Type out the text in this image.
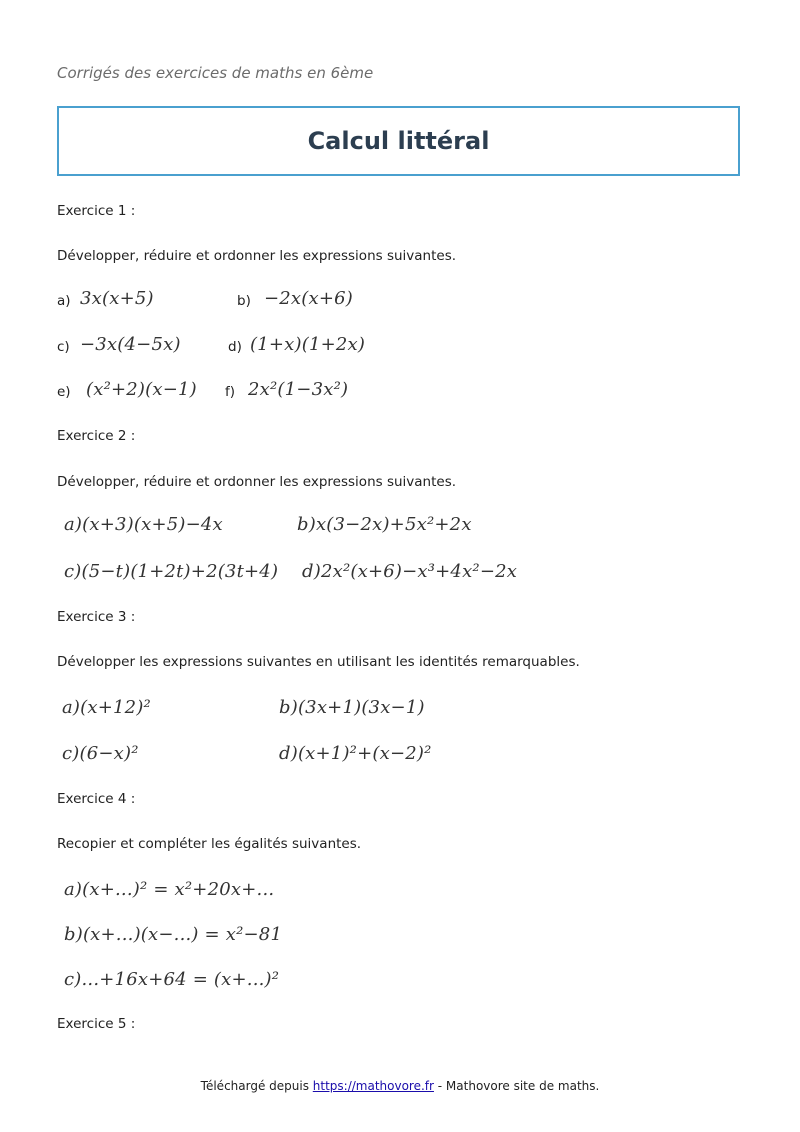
Corrigés des exercices de maths en 6ème
Calcul littéral
Exercice 1 :
Développer, réduire et ordonner les expressions suivantes.
a) 3x(x+5)	b) −2x(x+6)
c) −3x(4−5x)	d) (1+x)(1+2x)
e) (x²+2)(x−1) f) 2x²(1−3x²)
Exercice 2 :
Développer, réduire et ordonner les expressions suivantes.
a)(x+3)(x+5)−4x	b)x(3−2x)+5x²+2x
c)(5−t)(1+2t)+2(3t+4) d)2x²(x+6)−x³+4x²−2x
Exercice 3 :
Développer les expressions suivantes en utilisant les identités remarquables.
a)(x+12)²	b)(3x+1)(3x−1)
c)(6−x)²	d)(x+1)²+(x−2)²
Exercice 4 :
Recopier et compléter les égalités suivantes.
a)(x+...)² = x²+20x+...
b)(x+...)(x−...) = x²−81
c)...+16x+64 = (x+...)²
Exercice 5 :
Téléchargé depuis https://mathovore.fr - Mathovore site de maths.
